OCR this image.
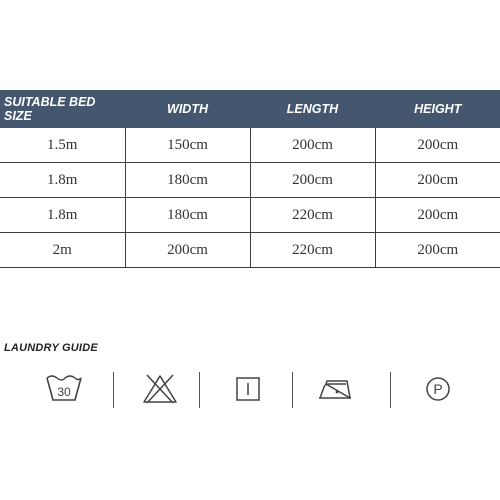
SUITABLE BED SIZE	WIDTH	LENGTH	HEIGHT
1.5m	150cm	200cm	200cm
1.8m	180cm	200cm	200cm
1.8m	180cm	220cm	200cm
2m	200cm	220cm	200cm
LAUNDRY GUIDE
30	P
